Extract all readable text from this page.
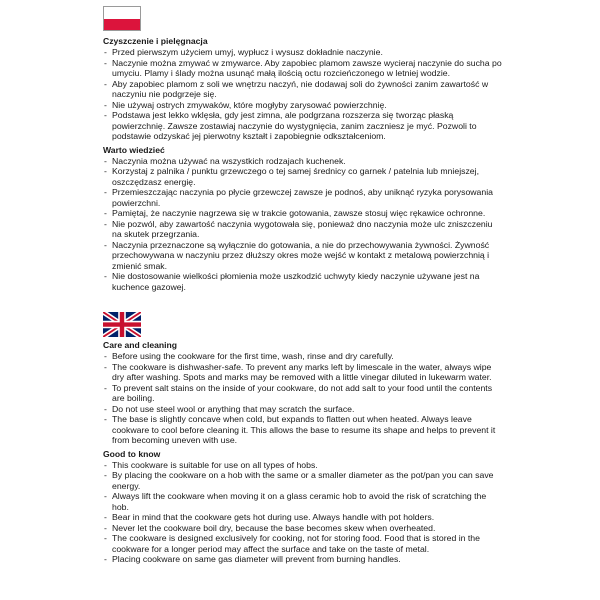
Czyszczenie i pielęgnacja
- Przed pierwszym użyciem umyj, wypłucz i wysusz dokładnie naczynie.
- Naczynie można zmywać w zmywarce. Aby zapobiec plamom zawsze wycieraj naczynie do sucha po umyciu. Plamy i ślady można usunąć małą ilością octu rozcieńczonego w letniej wodzie.
- Aby zapobiec plamom z soli we wnętrzu naczyń, nie dodawaj soli do żywności zanim zawartość w naczyniu nie podgrzeje się.
- Nie używaj ostrych zmywaków, które mogłyby zarysować powierzchnię.
- Podstawa jest lekko wklęsła, gdy jest zimna, ale podgrzana rozszerza się tworząc płaską powierzchnię. Zawsze zostawiaj naczynie do wystygnięcia, zanim zaczniesz je myć. Pozwoli to podstawie odzyskać jej pierwotny kształt i zapobiegnie odkształceniom.
Warto wiedzieć
- Naczynia można używać na wszystkich rodzajach kuchenek.
- Korzystaj z palnika / punktu grzewczego o tej samej średnicy co garnek / patelnia lub mniejszej, oszczędzasz energię.
- Przemieszczając naczynia po płycie grzewczej zawsze je podnoś, aby uniknąć ryzyka porysowania powierzchni.
- Pamiętaj, że naczynie nagrzewa się w trakcie gotowania, zawsze stosuj więc rękawice ochronne.
- Nie pozwól, aby zawartość naczynia wygotowała się, ponieważ dno naczynia może ulc zniszczeniu na skutek przegrzania.
- Naczynia przeznaczone są wyłącznie do gotowania, a nie do przechowywania żywności. Żywność przechowywana w naczyniu przez dłuższy okres może wejść w kontakt z metalową powierzchnią i zmienić smak.
- Nie dostosowanie wielkości płomienia może uszkodzić uchwyty kiedy naczynie używane jest na kuchence gazowej.
Care and cleaning
- Before using the cookware for the first time, wash, rinse and dry carefully.
- The cookware is dishwasher-safe. To prevent any marks left by limescale in the water, always wipe dry after washing. Spots and marks may be removed with a little vinegar diluted in lukewarm water.
- To prevent salt stains on the inside of your cookware, do not add salt to your food until the contents are boiling.
- Do not use steel wool or anything that may scratch the surface.
- The base is slightly concave when cold, but expands to flatten out when heated. Always leave cookware to cool before cleaning it. This allows the base to resume its shape and helps to prevent it from becoming uneven with use.
Good to know
- This cookware is suitable for use on all types of hobs.
- By placing the cookware on a hob with the same or a smaller diameter as the pot/pan you can save energy.
- Always lift the cookware when moving it on a glass ceramic hob to avoid the risk of scratching the hob.
- Bear in mind that the cookware gets hot during use. Always handle with pot holders.
- Never let the cookware boil dry, because the base becomes skew when overheated.
- The cookware is designed exclusively for cooking, not for storing food. Food that is stored in the cookware for a longer period may affect the surface and take on the taste of metal.
- Placing cookware on same gas diameter will prevent from burning handles.
